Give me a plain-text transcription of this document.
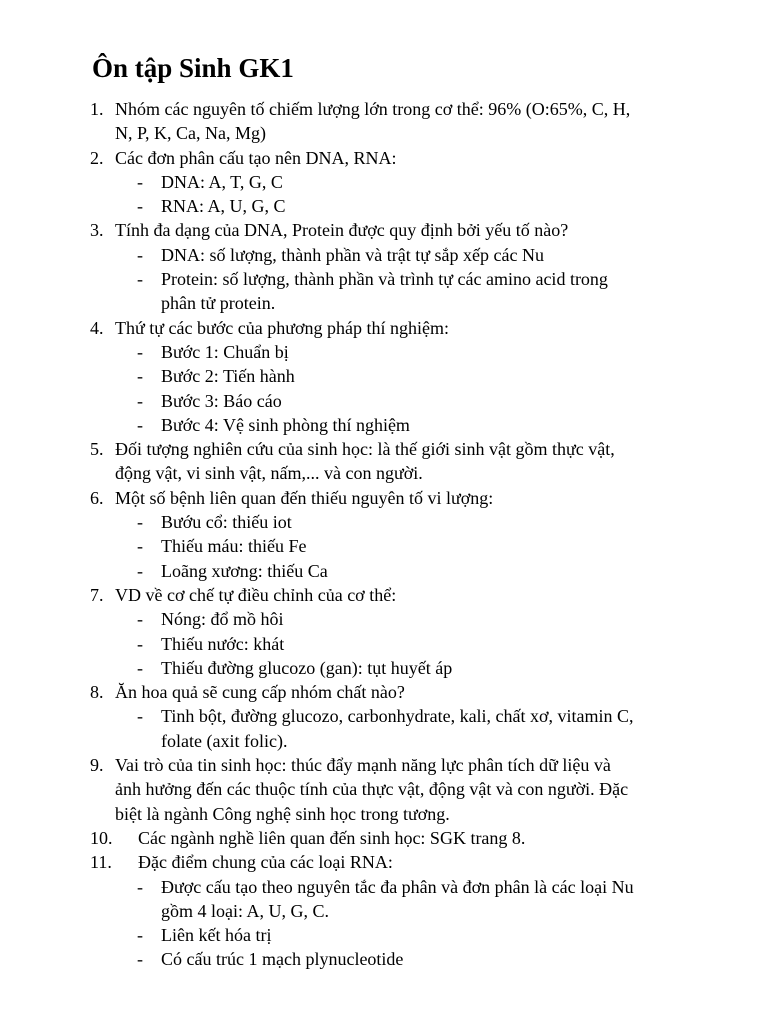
Ôn tập Sinh GK1
1. Nhóm các nguyên tố chiếm lượng lớn trong cơ thể: 96% (O:65%, C, H,
N, P, K, Ca, Na, Mg)
2. Các đơn phân cấu tạo nên DNA, RNA:
- DNA: A, T, G, C
- RNA: A, U, G, C
3. Tính đa dạng của DNA, Protein được quy định bởi yếu tố nào?
- DNA: số lượng, thành phần và trật tự sắp xếp các Nu
- Protein: số lượng, thành phần và trình tự các amino acid trong
phân tử protein.
4. Thứ tự các bước của phương pháp thí nghiệm:
- Bước 1: Chuẩn bị
- Bước 2: Tiến hành
- Bước 3: Báo cáo
- Bước 4: Vệ sinh phòng thí nghiệm
5. Đối tượng nghiên cứu của sinh học: là thế giới sinh vật gồm thực vật,
động vật, vi sinh vật, nấm,... và con người.
6. Một số bệnh liên quan đến thiếu nguyên tố vi lượng:
- Bướu cổ: thiếu iot
- Thiếu máu: thiếu Fe
- Loãng xương: thiếu Ca
7. VD về cơ chế tự điều chỉnh của cơ thể:
- Nóng: đổ mồ hôi
- Thiếu nước: khát
- Thiếu đường glucozo (gan): tụt huyết áp
8. Ăn hoa quả sẽ cung cấp nhóm chất nào?
- Tinh bột, đường glucozo, carbonhydrate, kali, chất xơ, vitamin C,
folate (axit folic).
9. Vai trò của tin sinh học: thúc đẩy mạnh năng lực phân tích dữ liệu và
ảnh hưởng đến các thuộc tính của thực vật, động vật và con người. Đặc
biệt là ngành Công nghệ sinh học trong tương.
10. Các ngành nghề liên quan đến sinh học: SGK trang 8.
11. Đặc điểm chung của các loại RNA:
- Được cấu tạo theo nguyên tắc đa phân và đơn phân là các loại Nu
gồm 4 loại: A, U, G, C.
- Liên kết hóa trị
- Có cấu trúc 1 mạch plynucleotide
